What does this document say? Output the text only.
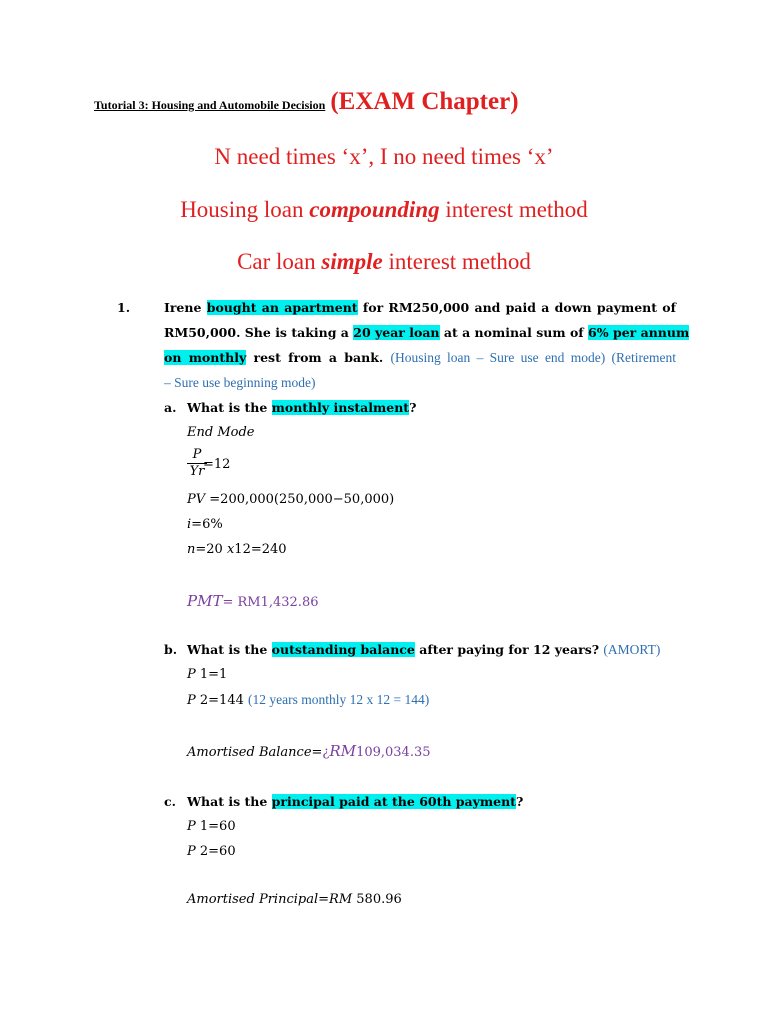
Tutorial 3: Housing and Automobile Decision (EXAM Chapter)
N need times ‘x’, I no need times ‘x’
Housing loan compounding interest method
Car loan simple interest method
1.	Irene bought an apartment for RM250,000 and paid a down payment of
RM50,000. She is taking a 20 year loan at a nominal sum of 6% per annum
on monthly rest from a bank. (Housing loan – Sure use end mode) (Retirement
– Sure use beginning mode)
a. What is the monthly instalment?
End Mode
P
Yr
=12
PV =200,000(250,000−50,000)
i=6%
n=20 x12=240
PMT= RM1,432.86
b. What is the outstanding balance after paying for 12 years? (AMORT)
P 1=1
P 2=144 (12 years monthly 12 x 12 = 144)
Amortised Balance=¿RM109,034.35
c. What is the principal paid at the 60th payment?
P 1=60
P 2=60
Amortised Principal=RM 580.96
